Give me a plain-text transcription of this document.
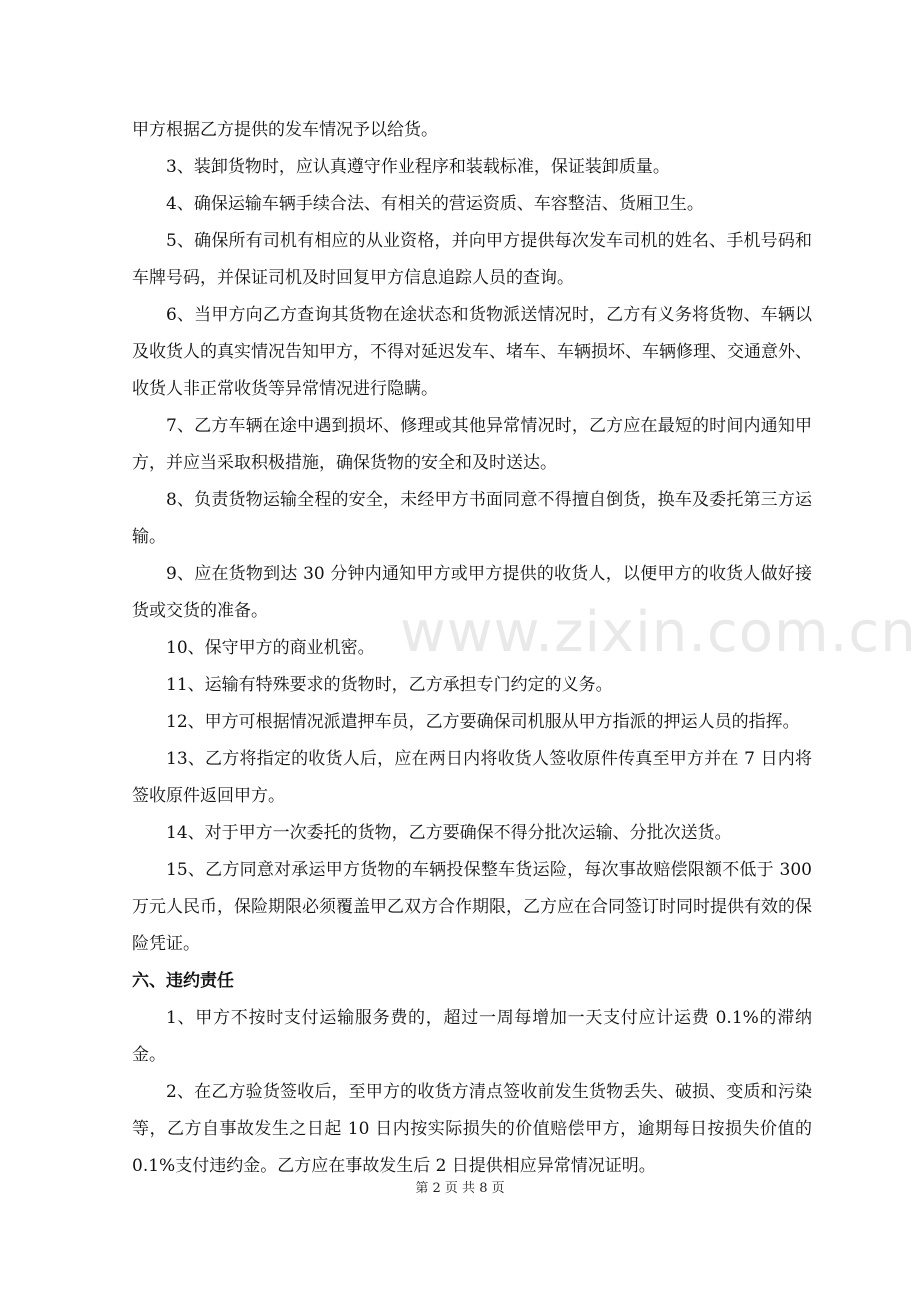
甲方根据乙方提供的发车情况予以给货。

3、装卸货物时，应认真遵守作业程序和装载标准，保证装卸质量。

4、确保运输车辆手续合法、有相关的营运资质、车容整洁、货厢卫生。

5、确保所有司机有相应的从业资格，并向甲方提供每次发车司机的姓名、手机号码和车牌号码，并保证司机及时回复甲方信息追踪人员的查询。

6、当甲方向乙方查询其货物在途状态和货物派送情况时，乙方有义务将货物、车辆以及收货人的真实情况告知甲方，不得对延迟发车、堵车、车辆损坏、车辆修理、交通意外、收货人非正常收货等异常情况进行隐瞒。

7、乙方车辆在途中遇到损坏、修理或其他异常情况时，乙方应在最短的时间内通知甲方，并应当采取积极措施，确保货物的安全和及时送达。

8、负责货物运输全程的安全，未经甲方书面同意不得擅自倒货，换车及委托第三方运输。

9、应在货物到达 30 分钟内通知甲方或甲方提供的收货人，以便甲方的收货人做好接货或交货的准备。

10、保守甲方的商业机密。

11、运输有特殊要求的货物时，乙方承担专门约定的义务。

12、甲方可根据情况派遣押车员，乙方要确保司机服从甲方指派的押运人员的指挥。

13、乙方将指定的收货人后，应在两日内将收货人签收原件传真至甲方并在 7 日内将签收原件返回甲方。

14、对于甲方一次委托的货物，乙方要确保不得分批次运输、分批次送货。

15、乙方同意对承运甲方货物的车辆投保整车货运险，每次事故赔偿限额不低于 300 万元人民币，保险期限必须覆盖甲乙双方合作期限，乙方应在合同签订时同时提供有效的保险凭证。

六、违约责任

1、甲方不按时支付运输服务费的，超过一周每增加一天支付应计运费 0.1%的滞纳金。

2、在乙方验货签收后，至甲方的收货方清点签收前发生货物丢失、破损、变质和污染等，乙方自事故发生之日起 10 日内按实际损失的价值赔偿甲方，逾期每日按损失价值的 0.1%支付违约金。乙方应在事故发生后 2 日提供相应异常情况证明。

www.zixin.com.cn
第 2 页 共 8 页
